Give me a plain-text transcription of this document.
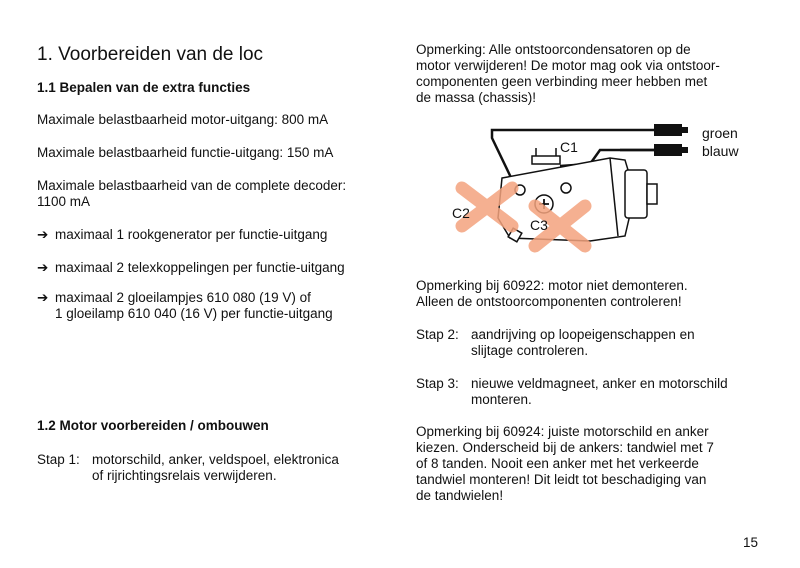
1. Voorbereiden van de loc
1.1 Bepalen van de extra functies

Maximale belastbaarheid motor-uitgang: 800 mA

Maximale belastbaarheid functie-uitgang: 150 mA

Maximale belastbaarheid van de complete decoder:

1100 mA

➔ maximaal 1 rookgenerator per functie-uitgang
➔ maximaal 2 telexkoppelingen per functie-uitgang
➔ maximaal 2 gloeilampjes 610 080 (19 V) of
1 gloeilamp 610 040 (16 V) per functie-uitgang
1.2 Motor voorbereiden / ombouwen
Stap 1: motorschild, anker, veldspoel, elektronica
of rijrichtingsrelais verwijderen.
Opmerking: Alle ontstoorcondensatoren op de
motor verwijderen! De motor mag ook via ontstoor-
componenten geen verbinding meer hebben met
de massa (chassis)!
C1
C2
C3
groen
blauw
Opmerking bij 60922: motor niet demonteren.
Alleen de ontstoorcomponenten controleren!
Stap 2: aandrijving op loopeigenschappen en
slijtage controleren.
Stap 3: nieuwe veldmagneet, anker en motorschild
monteren.
Opmerking bij 60924: juiste motorschild en anker
kiezen. Onderscheid bij de ankers: tandwiel met 7
of 8 tanden. Nooit een anker met het verkeerde
tandwiel monteren! Dit leidt tot beschadiging van
de tandwielen!
15
